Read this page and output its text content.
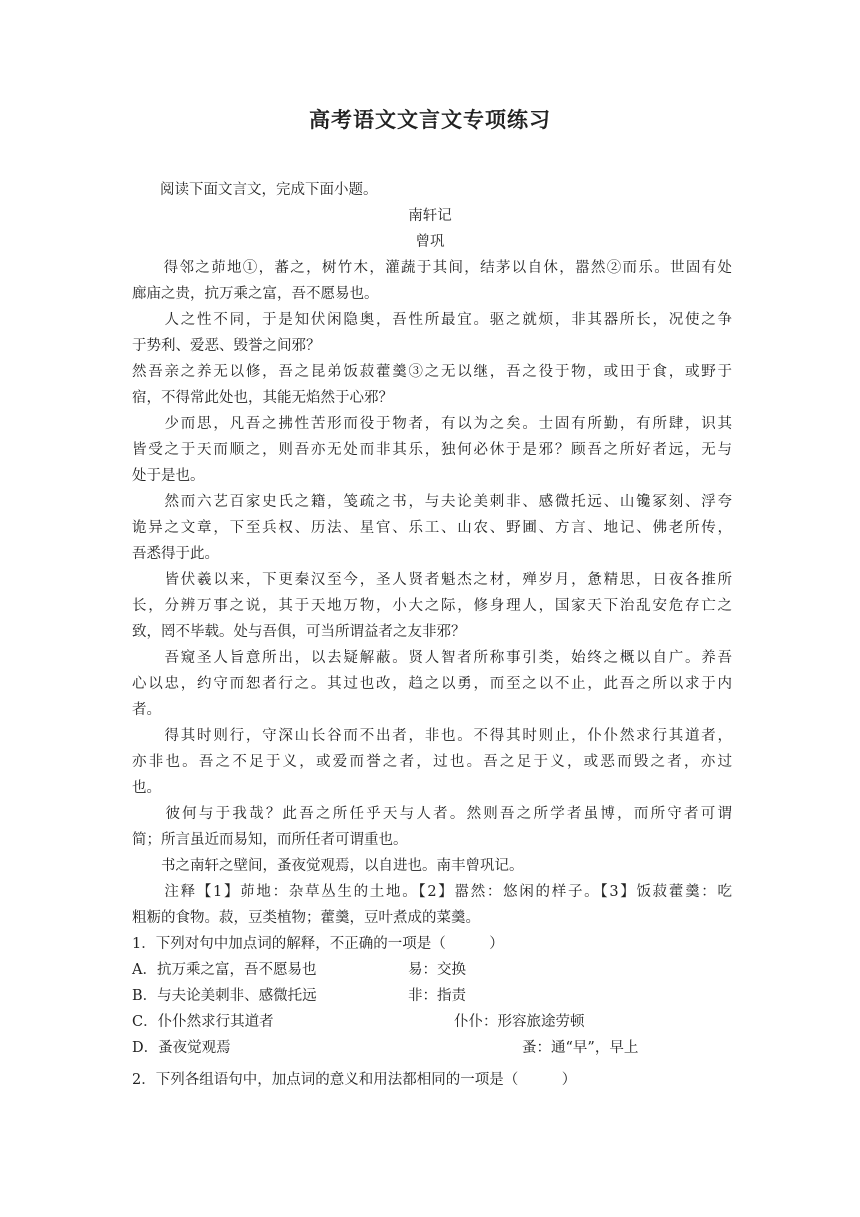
高考语文文言文专项练习
阅读下面文言文，完成下面小题。
南轩记
曾巩
　　得邻之茆地①，蕃之，树竹木，灌蔬于其间，结茅以自休，嚣然②而乐。世固有处
廊庙之贵，抗万乘之富，吾不愿易也。
　　人之性不同，于是知伏闲隐奥，吾性所最宜。驱之就烦，非其器所长，况使之争
于势利、爱恶、毁誉之间邪？
然吾亲之养无以修，吾之昆弟饭菽藿羹③之无以继，吾之役于物，或田于食，或野于
宿，不得常此处也，其能无焰然于心邪？
　　少而思，凡吾之拂性苦形而役于物者，有以为之矣。士固有所勤，有所肆，识其
皆受之于天而顺之，则吾亦无处而非其乐，独何必休于是邪？顾吾之所好者远，无与
处于是也。
　　然而六艺百家史氏之籍，笺疏之书，与夫论美刺非、感微托远、山镵冢刻、浮夸
诡异之文章，下至兵权、历法、星官、乐工、山农、野圃、方言、地记、佛老所传，
吾悉得于此。
　　皆伏羲以来，下更秦汉至今，圣人贤者魁杰之材，殚岁月，惫精思，日夜各推所
长，分辨万事之说，其于天地万物，小大之际，修身理人，国家天下治乱安危存亡之
致，罔不毕载。处与吾俱，可当所谓益者之友非邪？
　　吾窥圣人旨意所出，以去疑解蔽。贤人智者所称事引类，始终之概以自广。养吾
心以忠，约守而恕者行之。其过也改，趋之以勇，而至之以不止，此吾之所以求于内
者。
　　得其时则行，守深山长谷而不出者，非也。不得其时则止，仆仆然求行其道者，
亦非也。吾之不足于义，或爱而誉之者，过也。吾之足于义，或恶而毁之者，亦过
也。
　　彼何与于我哉？此吾之所任乎天与人者。然则吾之所学者虽博，而所守者可谓
简；所言虽近而易知，而所任者可谓重也。
　　书之南轩之壁间，蚤夜觉观焉，以自进也。南丰曾巩记。
　　注释【1】茆地：杂草丛生的土地。【2】嚣然：悠闲的样子。【3】饭菽藿羹：吃
粗粝的食物。菽，豆类植物；藿羹，豆叶煮成的菜羹。
1．下列对句中加点词的解释，不正确的一项是（　　　）
A．抗万乘之富，吾不愿易也	易：交换
B．与夫论美刺非、感微托远	非：指责
C．仆仆然求行其道者	仆仆：形容旅途劳顿
D．蚤夜觉观焉	蚤：通“早”，早上
2．下列各组语句中，加点词的意义和用法都相同的一项是（　　　）
